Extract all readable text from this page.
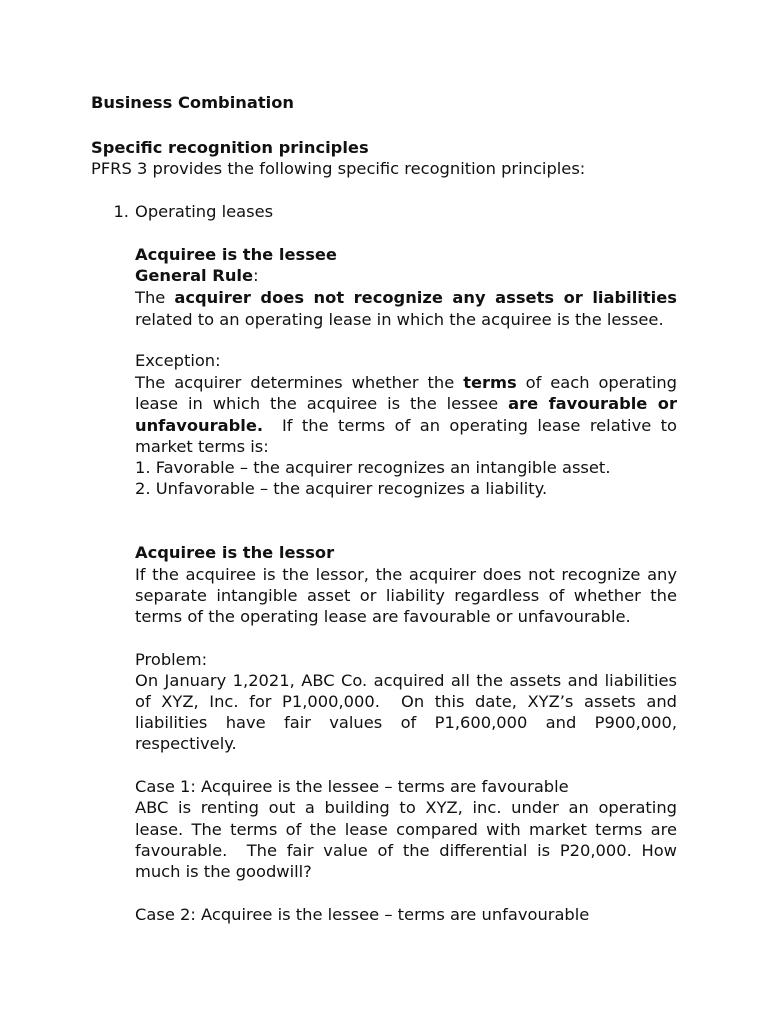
Business Combination
Specific recognition principles
PFRS 3 provides the following specific recognition principles:
1. Operating leases
Acquiree is the lessee
General Rule:
The acquirer does not recognize any assets or liabilities
related to an operating lease in which the acquiree is the lessee.
Exception:
The acquirer determines whether the terms of each operating
lease in which the acquiree is the lessee are favourable or
unfavourable.  If the terms of an operating lease relative to
market terms is:
1. Favorable – the acquirer recognizes an intangible asset.
2. Unfavorable – the acquirer recognizes a liability.
Acquiree is the lessor
If the acquiree is the lessor, the acquirer does not recognize any
separate intangible asset or liability regardless of whether the
terms of the operating lease are favourable or unfavourable.
Problem:
On January 1,2021, ABC Co. acquired all the assets and liabilities
of XYZ, Inc. for P1,000,000.  On this date, XYZ’s assets and
liabilities have fair values of P1,600,000 and P900,000,
respectively.
Case 1: Acquiree is the lessee – terms are favourable
ABC is renting out a building to XYZ, inc. under an operating
lease. The terms of the lease compared with market terms are
favourable.  The fair value of the differential is P20,000. How
much is the goodwill?
Case 2: Acquiree is the lessee – terms are unfavourable
